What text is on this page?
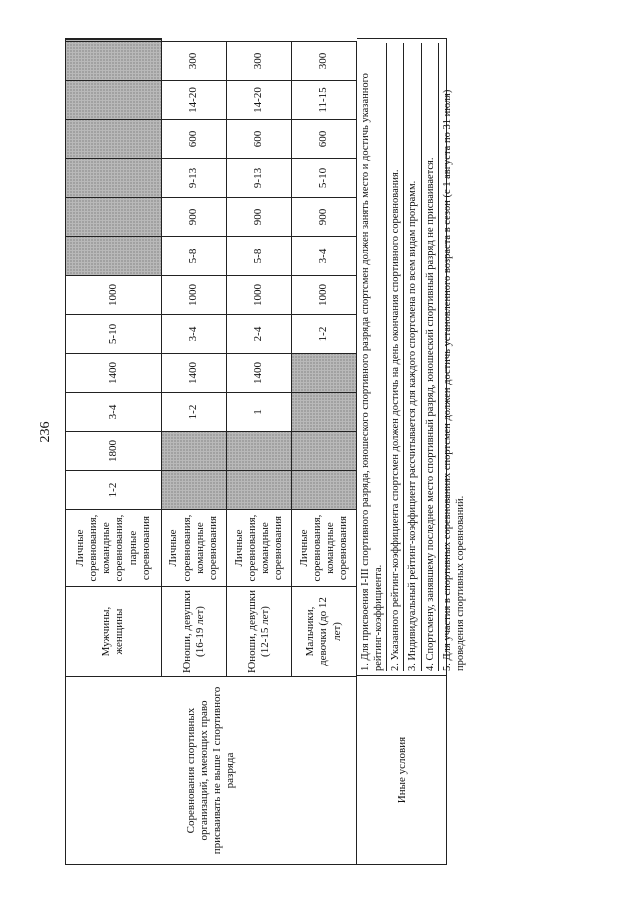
236
Соревнования спортивных организаций, имеющих право присваивать не выше I спортивного разряда	Мужчины, женщины	Личные соревнования, командные соревнования, парные соревнования	1-2	1800	3-4	1400	5-10	1000								
	Юноши, девушки (16-19 лет)	Личные соревнования, командные соревнования			1-2	1400	3-4	1000	5-8	900	9-13	600	14-20	300		
	Юноши, девушки (12-15 лет)	Личные соревнования, командные соревнования			1	1400	2-4	1000	5-8	900	9-13	600	14-20	300		
	Мальчики, девочки (до 12 лет)	Личные соревнования, командные соревнования					1-2	1000	3-4	900	5-10	600	11-15	300		
Иные условия

1. Для присвоения I-III спортивного разряда, юношеского спортивного разряда спортсмен должен занять место и достичь указанного рейтинг-коэффициента. 2. Указанного рейтинг-коэффициента спортсмен должен достичь на день окончания спортивного соревнования. 3. Индивидуальный рейтинг-коэффициент рассчитывается для каждого спортсмена по всем видам программ. 4. Спортсмену, занявшему последнее место спортивный разряд, юношеский спортивный разряд не присваивается. 5. Для участия в спортивных соревнованиях спортсмен должен достичь установленного возраста в сезон (с 1 августа по 31 июля) проведения спортивных соревнований.
